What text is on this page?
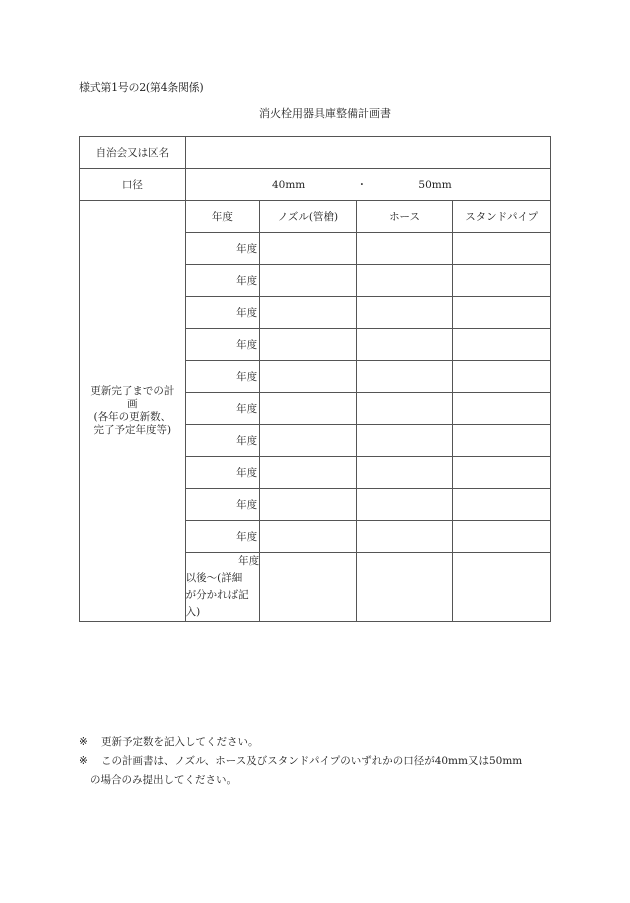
様式第1号の2(第4条関係)
消火栓用器具庫整備計画書
自治会又は区名				
口径	40mm ・ 50mm			

更新完了までの計
画
(各年の更新数、
完了予定年度等)	年度	ノズル(管槍)	ホース	スタンドパイプ
	年度			
	年度			
	年度			
	年度			
	年度			
	年度			
	年度			
	年度			
	年度			
	年度			

	年度
以後～(詳細
が分かれば記
入)			

※	更新予定数を記入してください。
※	この計画書は、ノズル、ホース及びスタンドパイプのいずれかの口径が40mm又は50mm
の場合のみ提出してください。
